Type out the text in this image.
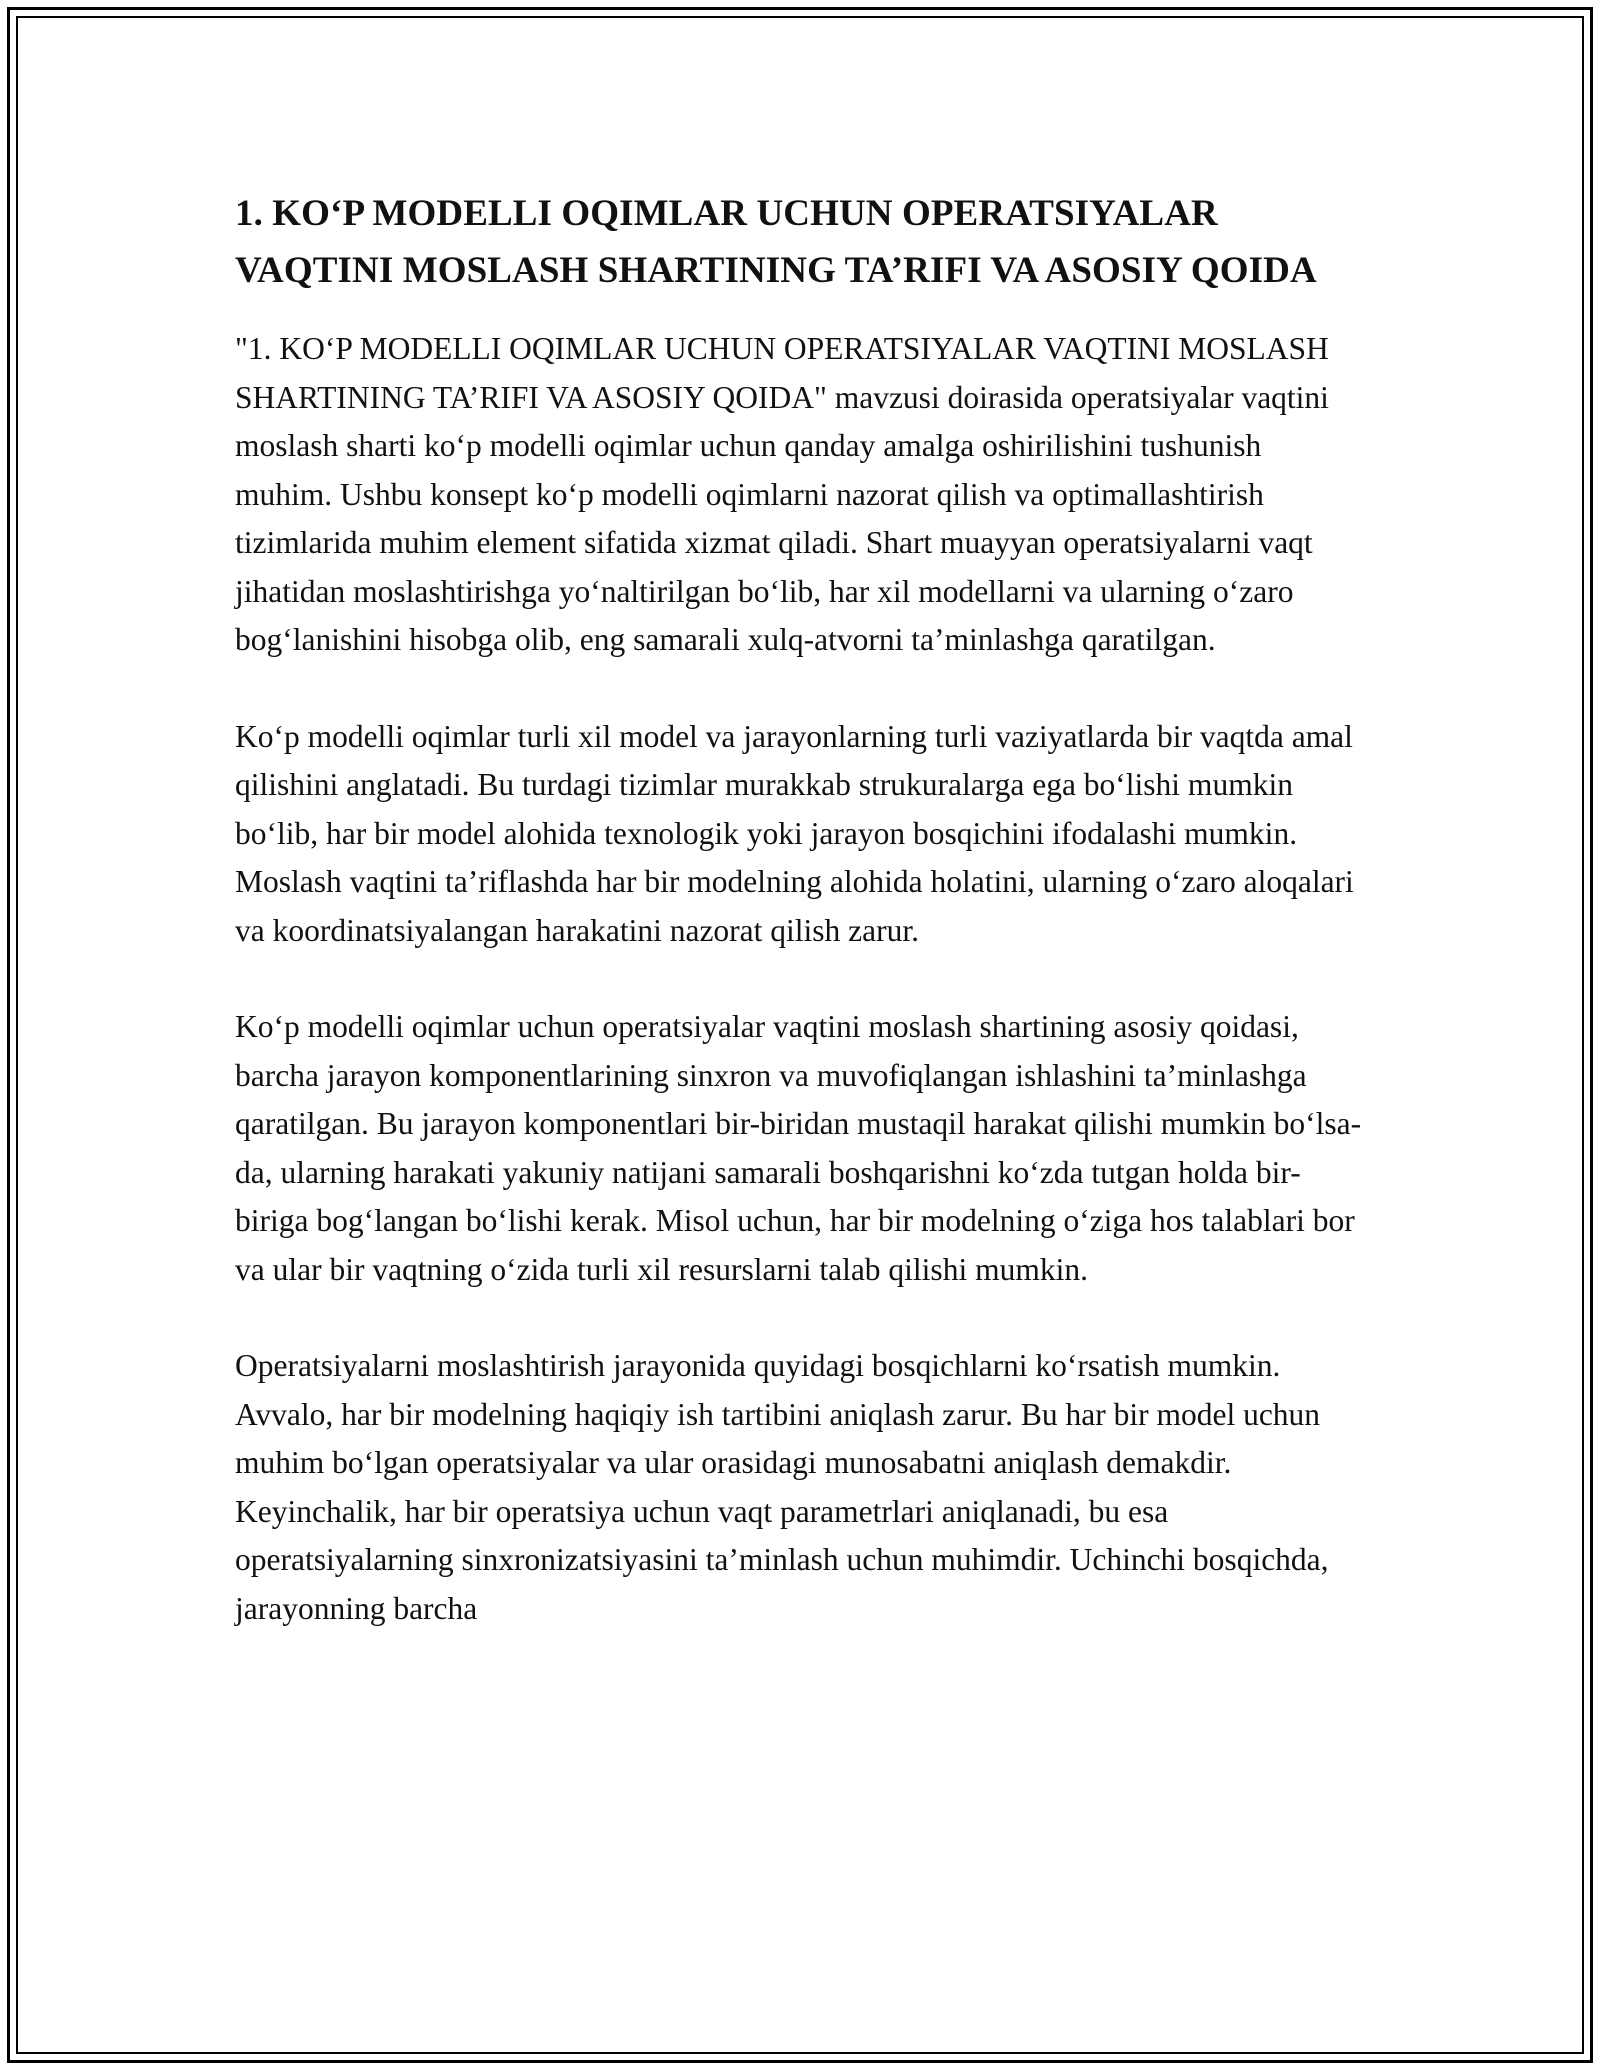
1. KO‘P MODELLI OQIMLAR UCHUN OPERATSIYALAR VAQTINI MOSLASH SHARTINING TA’RIFI VA ASOSIY QOIDA

"1. KO‘P MODELLI OQIMLAR UCHUN OPERATSIYALAR VAQTINI MOSLASH SHARTINING TA’RIFI VA ASOSIY QOIDA" mavzusi doirasida operatsiyalar vaqtini moslash sharti ko‘p modelli oqimlar uchun qanday amalga oshirilishini tushunish muhim. Ushbu konsept ko‘p modelli oqimlarni nazorat qilish va optimallashtirish tizimlarida muhim element sifatida xizmat qiladi. Shart muayyan operatsiyalarni vaqt jihatidan moslashtirishga yo‘naltirilgan bo‘lib, har xil modellarni va ularning o‘zaro bog‘lanishini hisobga olib, eng samarali xulq-atvorni ta’minlashga qaratilgan.

Ko‘p modelli oqimlar turli xil model va jarayonlarning turli vaziyatlarda bir vaqtda amal qilishini anglatadi. Bu turdagi tizimlar murakkab strukuralarga ega bo‘lishi mumkin bo‘lib, har bir model alohida texnologik yoki jarayon bosqichini ifodalashi mumkin. Moslash vaqtini ta’riflashda har bir modelning alohida holatini, ularning o‘zaro aloqalari va koordinatsiyalangan harakatini nazorat qilish zarur.

Ko‘p modelli oqimlar uchun operatsiyalar vaqtini moslash shartining asosiy qoidasi, barcha jarayon komponentlarining sinxron va muvofiqlangan ishlashini ta’minlashga qaratilgan. Bu jarayon komponentlari bir-biridan mustaqil harakat qilishi mumkin bo‘lsa-da, ularning harakati yakuniy natijani samarali boshqarishni ko‘zda tutgan holda bir-biriga bog‘langan bo‘lishi kerak. Misol uchun, har bir modelning o‘ziga hos talablari bor va ular bir vaqtning o‘zida turli xil resurslarni talab qilishi mumkin.

Operatsiyalarni moslashtirish jarayonida quyidagi bosqichlarni ko‘rsatish mumkin. Avvalo, har bir modelning haqiqiy ish tartibini aniqlash zarur. Bu har bir model uchun muhim bo‘lgan operatsiyalar va ular orasidagi munosabatni aniqlash demakdir. Keyinchalik, har bir operatsiya uchun vaqt parametrlari aniqlanadi, bu esa operatsiyalarning sinxronizatsiyasini ta’minlash uchun muhimdir. Uchinchi bosqichda, jarayonning barcha
